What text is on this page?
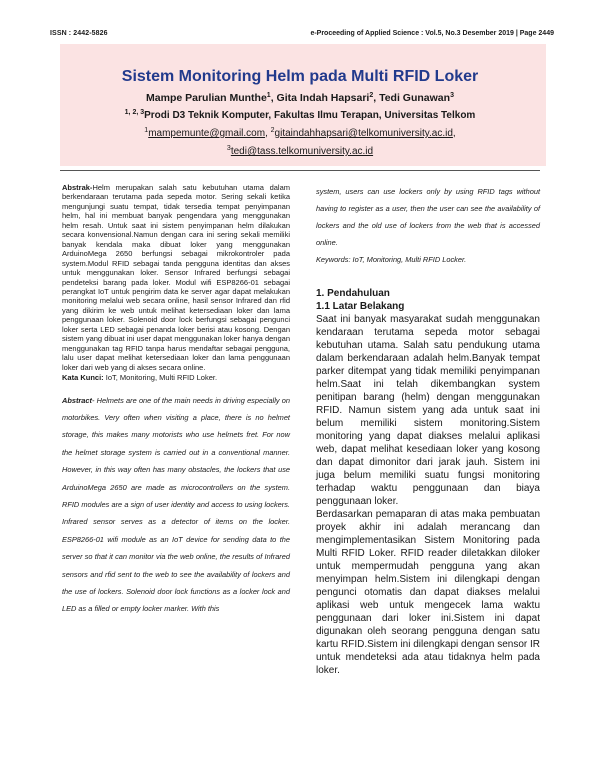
ISSN : 2442-5826	e-Proceeding of Applied Science : Vol.5, No.3 Desember 2019 | Page 2449
Sistem Monitoring Helm pada Multi RFID Loker
Mampe Parulian Munthe$^1$, Gita Indah Hapsari$^2$, Tedi Gunawan$^3$
$^{1, 2, 3}$Prodi D3 Teknik Komputer, Fakultas Ilmu Terapan, Universitas Telkom
$^1$mampemunte@gmail.com, $^2$gitaindahhapsari@telkomuniversity.ac.id,
$^3$tedi@tass.telkomuniversity.ac.id
Abstrak-Helm merupakan salah satu kebutuhan utama dalam berkendaraan terutama pada sepeda motor. Sering sekali ketika mengunjungi suatu tempat, tidak tersedia tempat penyimpanan helm, hal ini membuat banyak pengendara yang menggunakan helm resah. Untuk saat ini sistem penyimpanan helm dilakukan secara konvensional.Namun dengan cara ini sering sekali memiliki banyak kendala maka dibuat loker yang menggunakan ArduinoMega 2650 berfungsi sebagai mikrokontroler pada system.Modul RFID sebagai tanda pengguna identitas dan akses untuk menggunakan loker. Sensor Infrared berfungsi sebagai pendeteksi barang pada loker. Modul wifi ESP8266-01 sebagai perangkat IoT untuk pengirim data ke server agar dapat melakukan monitoring melalui web secara online, hasil sensor Infrared dan rfid yang dikirim ke web untuk melihat ketersediaan loker dan lama penggunaan loker. Solenoid door lock berfungsi sebagai pengunci loker serta LED sebagai penanda loker berisi atau kosong. Dengan sistem yang dibuat ini user dapat menggunakan loker hanya dengan menggunakan tag RFID tanpa harus mendaftar sebagai pengguna, lalu user dapat melihat ketersediaan loker dan lama penggunaan loker dari web yang di akses secara online.
Kata Kunci: IoT, Monitoring, Multi RFID Loker.
Abstract- Helmets are one of the main needs in driving especially on motorbikes. Very often when visiting a place, there is no helmet storage, this makes many motorists who use helmets fret. For now the helmet storage system is carried out in a conventional manner. However, in this way often has many obstacles, the lockers that use ArduinoMega 2650 are made as microcontrollers on the system. RFID modules are a sign of user identity and access to using lockers. Infrared sensor serves as a detector of items on the locker. ESP8266-01 wifi module as an IoT device for sending data to the server so that it can monitor via the web online, the results of Infrared sensors and rfid sent to the web to see the availability of lockers and the use of lockers. Solenoid door lock functions as a locker lock and LED as a filled or empty locker marker. With this
system, users can use lockers only by using RFID tags without having to register as a user, then the user can see the availability of lockers and the old use of lockers from the web that is accessed online.
Keywords: IoT, Monitoring, Multi RFID Locker.
1. Pendahuluan
1.1 Latar Belakang

Saat ini banyak masyarakat sudah menggunakan kendaraan terutama sepeda motor sebagai kebutuhan utama. Salah satu pendukung utama dalam berkendaraan adalah helm.Banyak tempat parker ditempat yang tidak memiliki penyimpanan helm.Saat ini telah dikembangkan system penitipan barang (helm) dengan menggunakan RFID. Namun sistem yang ada untuk saat ini belum memiliki sistem monitoring.Sistem monitoring yang dapat diakses melalui aplikasi web, dapat melihat kesediaan loker yang kosong dan dapat dimonitor dari jarak jauh. Sistem ini juga belum memiliki suatu fungsi monitoring terhadap waktu penggunaan dan biaya penggunaan loker.

Berdasarkan pemaparan di atas maka pembuatan proyek akhir ini adalah merancang dan mengimplementasikan Sistem Monitoring pada Multi RFID Loker. RFID reader diletakkan diloker untuk mempermudah pengguna yang akan menyimpan helm.Sistem ini dilengkapi dengan pengunci otomatis dan dapat diakses melalui aplikasi web untuk mengecek lama waktu penggunaan dari loker ini.Sistem ini dapat digunakan oleh seorang pengguna dengan satu kartu RFID.Sistem ini dilengkapi dengan sensor IR untuk mendeteksi ada atau tidaknya helm pada loker.
